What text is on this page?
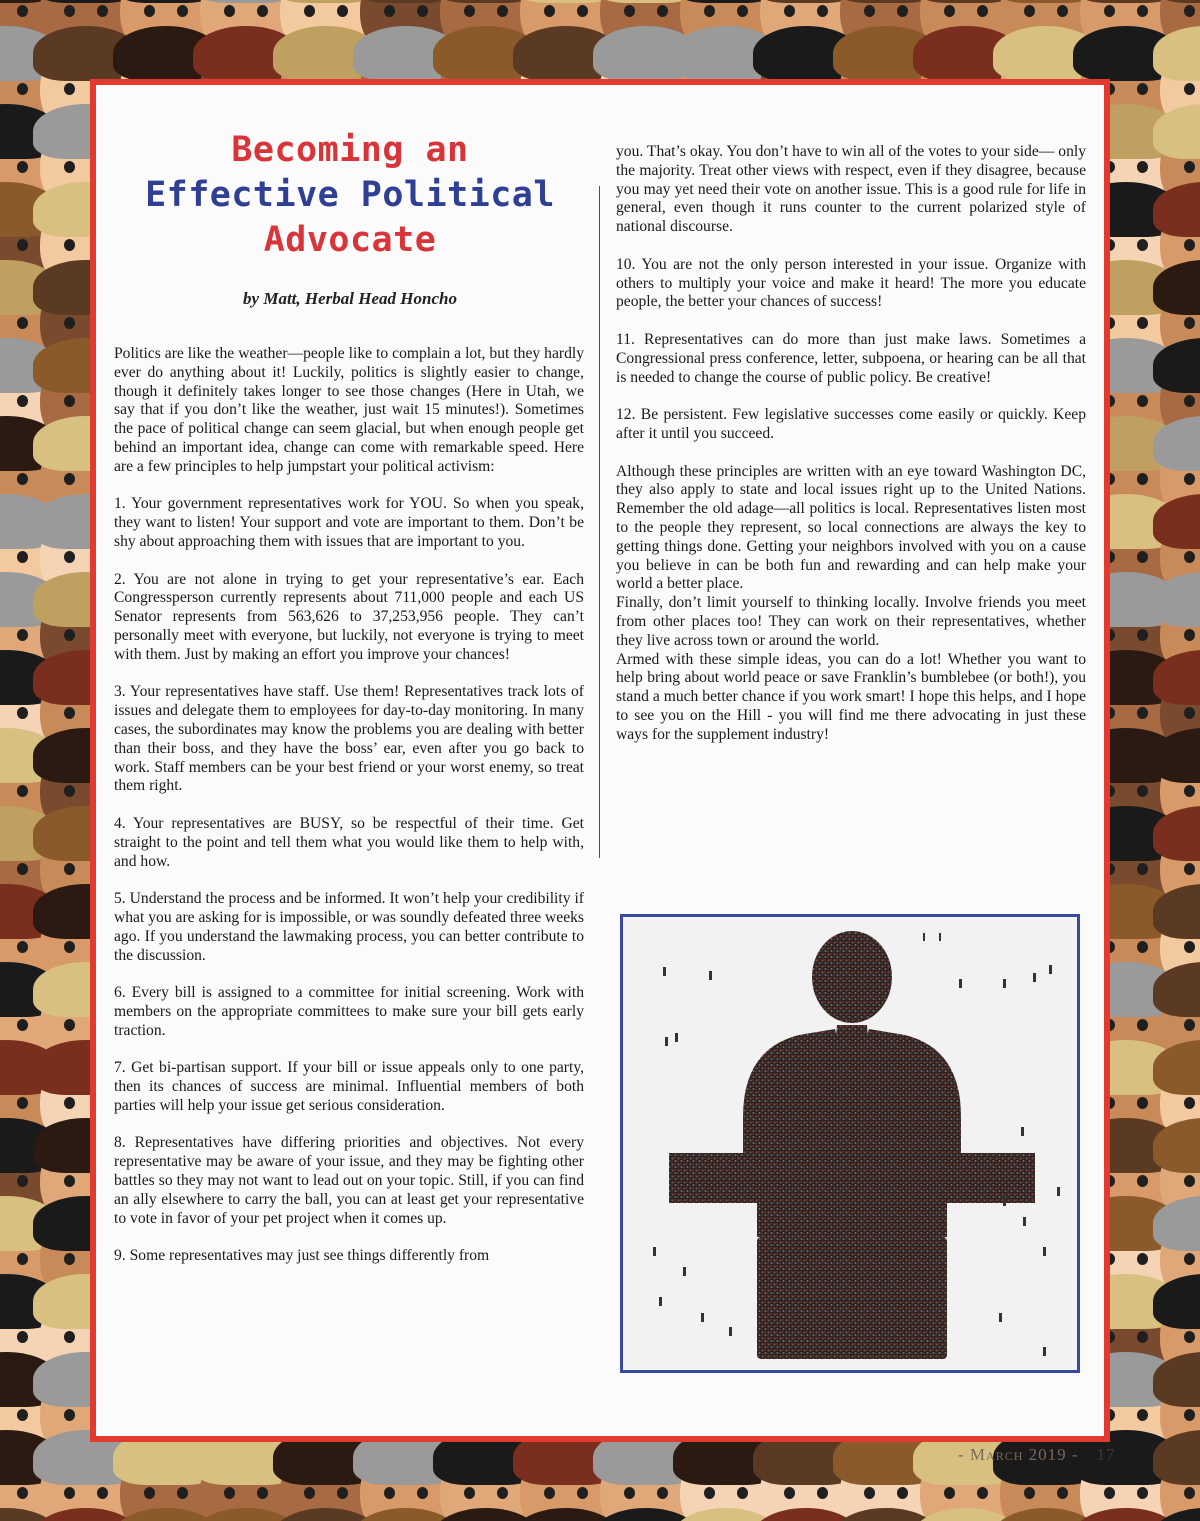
Becoming an
Effective Political
Advocate
by Matt, Herbal Head Honcho

Politics are like the weather—people like to complain a lot, but they hardly ever do anything about it! Luckily, politics is slightly easier to change, though it definitely takes longer to see those changes (Here in Utah, we say that if you don’t like the weather, just wait 15 minutes!). Sometimes the pace of political change can seem glacial, but when enough people get behind an important idea, change can come with remarkable speed. Here are a few principles to help jumpstart your political activism:

1. Your government representatives work for YOU. So when you speak, they want to listen! Your support and vote are important to them. Don’t be shy about approaching them with issues that are important to you.

2. You are not alone in trying to get your representative’s ear. Each Congressperson currently represents about 711,000 people and each US Senator represents from 563,626 to 37,253,956 people. They can’t personally meet with everyone, but luckily, not everyone is trying to meet with them. Just by making an effort you improve your chances!

3. Your representatives have staff. Use them! Representatives track lots of issues and delegate them to employees for day-to-day monitoring. In many cases, the subordinates may know the problems you are dealing with better than their boss, and they have the boss’ ear, even after you go back to work. Staff members can be your best friend or your worst enemy, so treat them right.

4. Your representatives are BUSY, so be respectful of their time. Get straight to the point and tell them what you would like them to help with, and how.

5. Understand the process and be informed. It won’t help your credibility if what you are asking for is impossible, or was soundly defeated three weeks ago. If you understand the lawmaking process, you can better contribute to the discussion.

6. Every bill is assigned to a committee for initial screening. Work with members on the appropriate committees to make sure your bill gets early traction.

7. Get bi-partisan support. If your bill or issue appeals only to one party, then its chances of success are minimal. Influential members of both parties will help your issue get serious consideration.

8. Representatives have differing priorities and objectives. Not every representative may be aware of your issue, and they may be fighting other battles so they may not want to lead out on your topic. Still, if you can find an ally elsewhere to carry the ball, you can at least get your representative to vote in favor of your pet project when it comes up.

9. Some representatives may just see things differently from

you. That’s okay. You don’t have to win all of the votes to your side— only the majority. Treat other views with respect, even if they disagree, because you may yet need their vote on another issue. This is a good rule for life in general, even though it runs counter to the current polarized style of national discourse.

10. You are not the only person interested in your issue. Organize with others to multiply your voice and make it heard! The more you educate people, the better your chances of success!

11. Representatives can do more than just make laws. Sometimes a Congressional press conference, letter, subpoena, or hearing can be all that is needed to change the course of public policy. Be creative!

12. Be persistent. Few legislative successes come easily or quickly. Keep after it until you succeed.

Although these principles are written with an eye toward Washington DC, they also apply to state and local issues right up to the United Nations. Remember the old adage—all politics is local. Representatives listen most to the people they represent, so local connections are always the key to getting things done. Getting your neighbors involved with you on a cause you believe in can be both fun and rewarding and can help make your world a better place.

Finally, don’t limit yourself to thinking locally. Involve friends you meet from other places too! They can work on their representatives, whether they live across town or around the world.

Armed with these simple ideas, you can do a lot! Whether you want to help bring about world peace or save Franklin’s bumblebee (or both!), you stand a much better chance if you work smart! I hope this helps, and I hope to see you on the Hill - you will find me there advocating in just these ways for the supplement industry!

- March 2019 - 17
